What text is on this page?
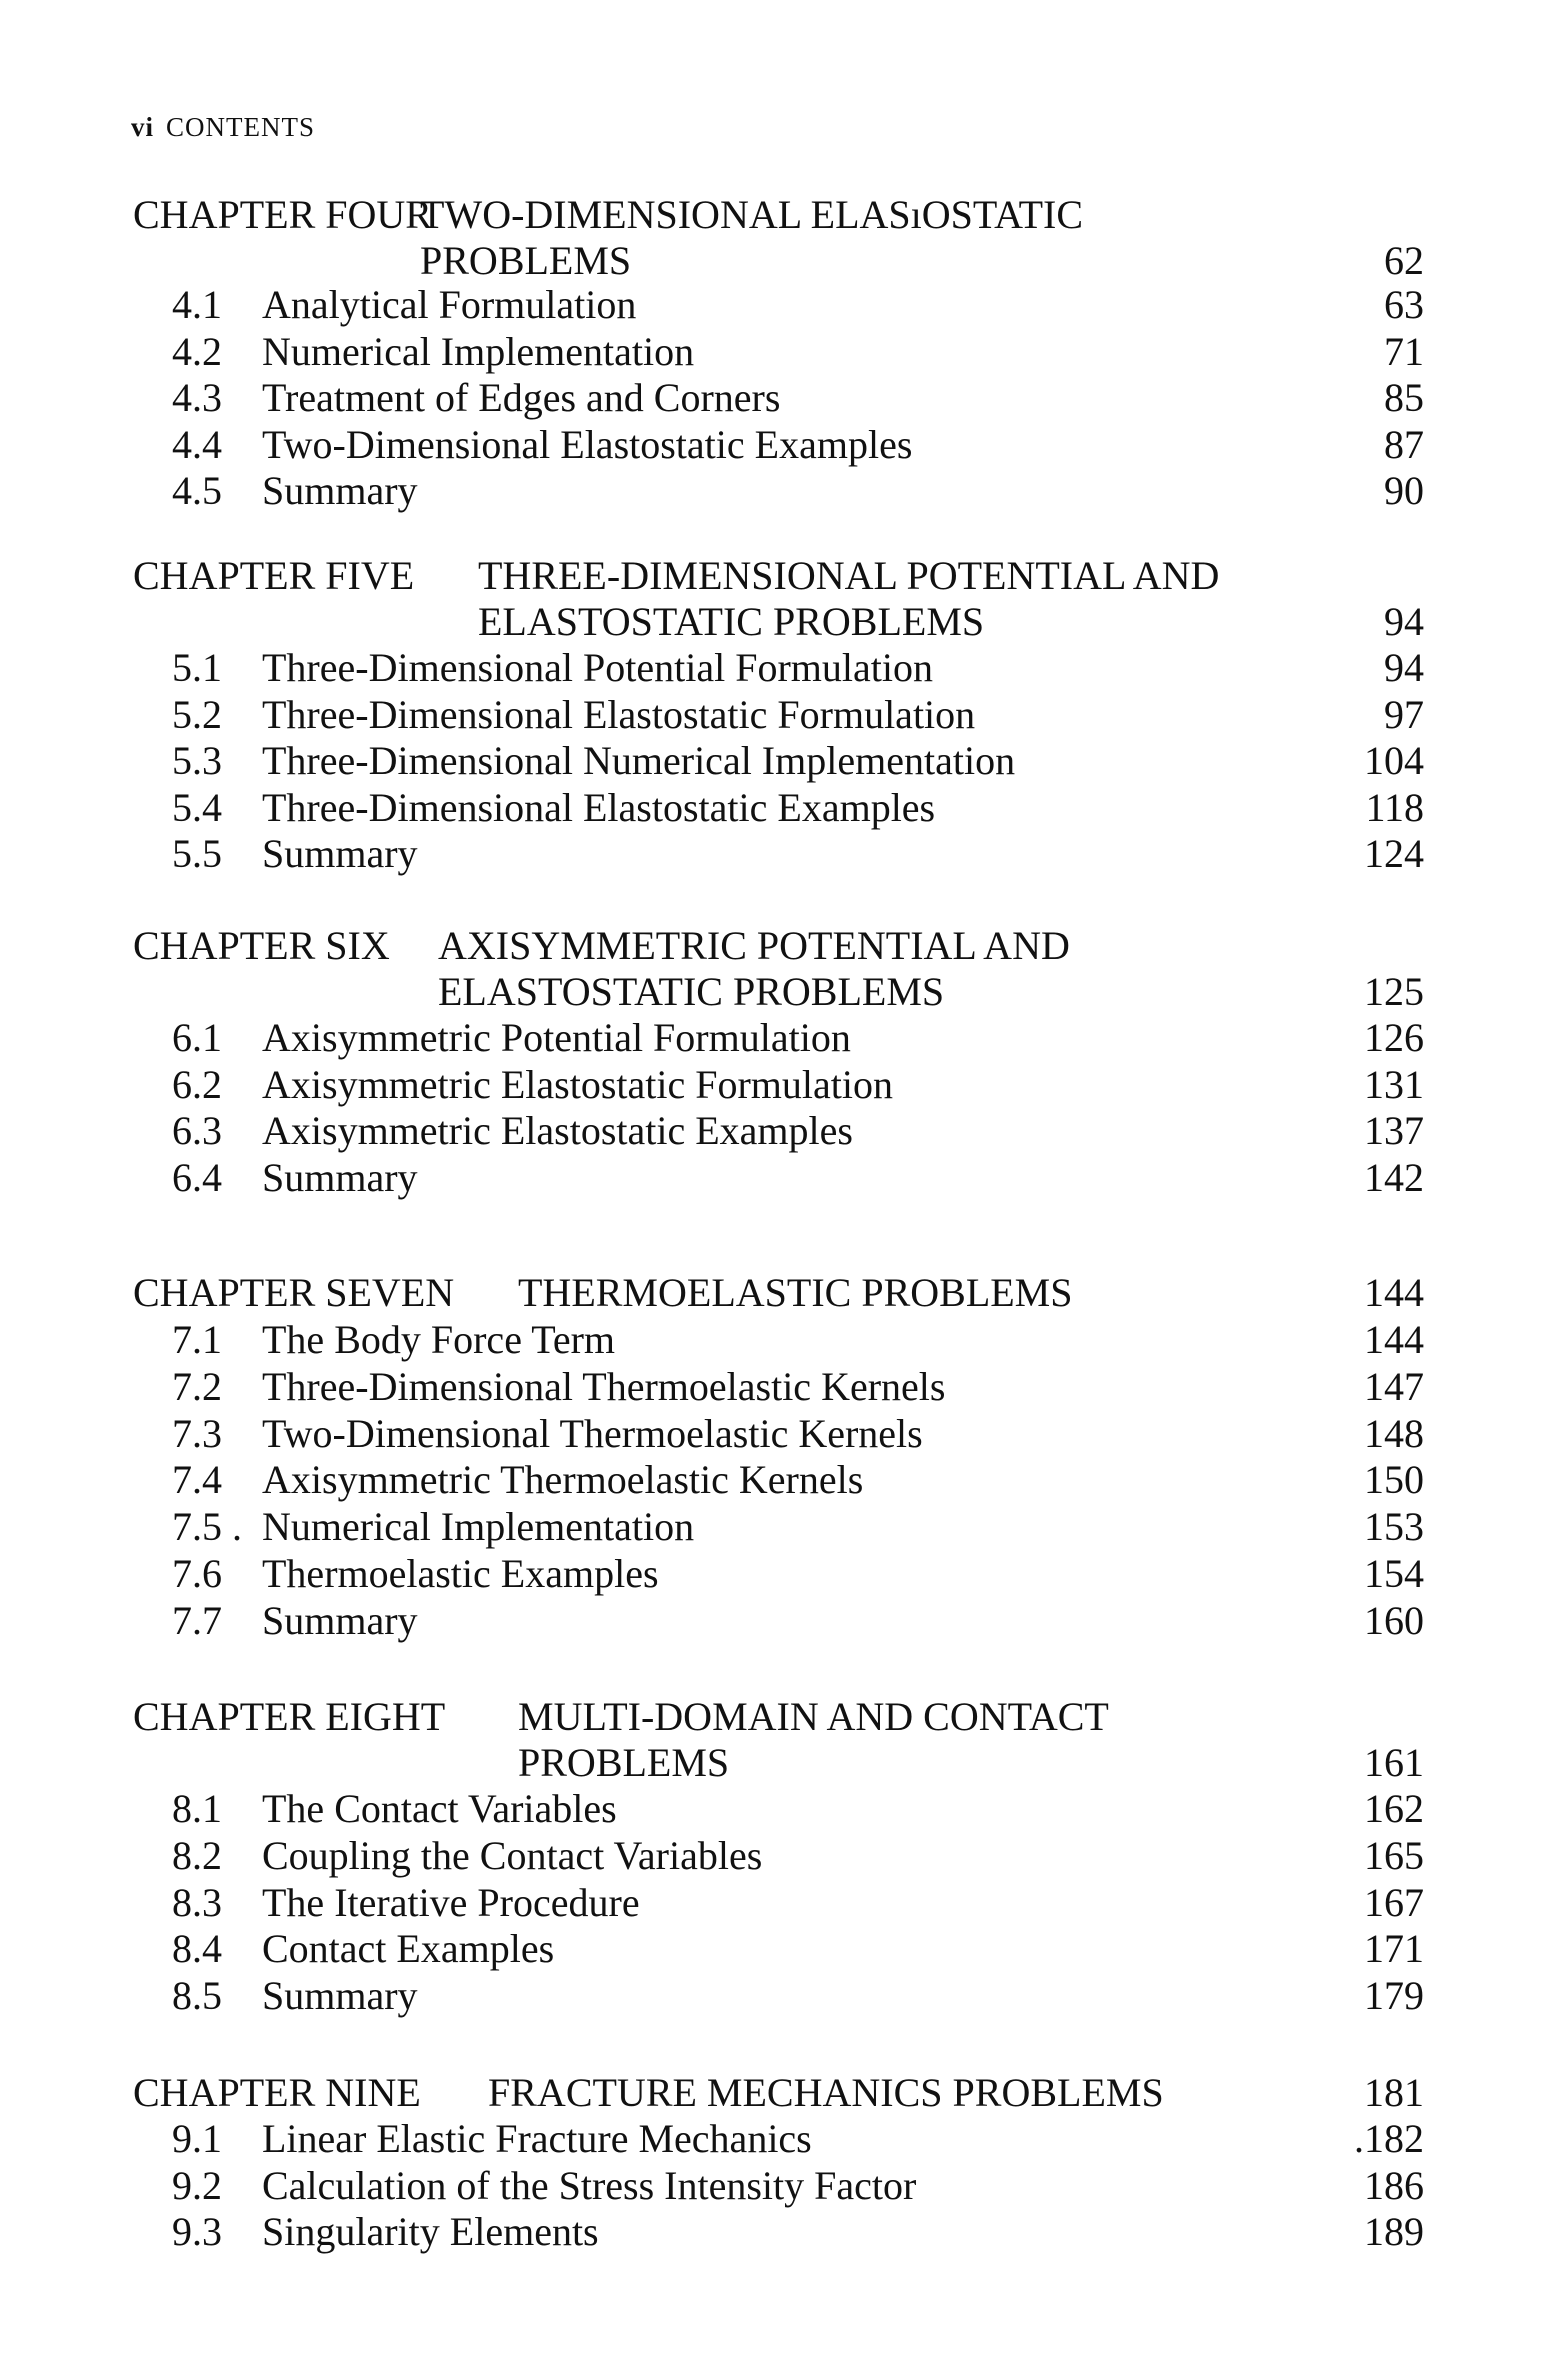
vi CONTENTS
CHAPTER FOUR
TWO-DIMENSIONAL ELASıOSTATIC
PROBLEMS	62
4.1 Analytical Formulation	63
4.2 Numerical Implementation	71
4.3 Treatment of Edges and Corners	85
4.4 Two-Dimensional Elastostatic Examples	87
4.5 Summary	90
CHAPTER FIVE THREE-DIMENSIONAL POTENTIAL AND
ELASTOSTATIC PROBLEMS	94
5.1 Three-Dimensional Potential Formulation	94
5.2 Three-Dimensional Elastostatic Formulation	97
5.3 Three-Dimensional Numerical Implementation	104
5.4 Three-Dimensional Elastostatic Examples	118
5.5 Summary	124
CHAPTER SIX AXISYMMETRIC POTENTIAL AND
ELASTOSTATIC PROBLEMS	125
6.1 Axisymmetric Potential Formulation	126
6.2 Axisymmetric Elastostatic Formulation	131
6.3 Axisymmetric Elastostatic Examples	137
6.4 Summary	142
CHAPTER SEVEN THERMOELASTIC PROBLEMS	144
7.1 The Body Force Term	144
7.2 Three-Dimensional Thermoelastic Kernels	147
7.3 Two-Dimensional Thermoelastic Kernels	148
7.4 Axisymmetric Thermoelastic Kernels	150
7.5 . Numerical Implementation	153
7.6 Thermoelastic Examples	154
7.7 Summary	160
CHAPTER EIGHT MULTI-DOMAIN AND CONTACT
PROBLEMS	161
8.1 The Contact Variables	162
8.2 Coupling the Contact Variables	165
8.3 The Iterative Procedure	167
8.4 Contact Examples	171
8.5 Summary	179
CHAPTER NINE FRACTURE MECHANICS PROBLEMS	181
9.1 Linear Elastic Fracture Mechanics	.182
9.2 Calculation of the Stress Intensity Factor	186
9.3 Singularity Elements	189
